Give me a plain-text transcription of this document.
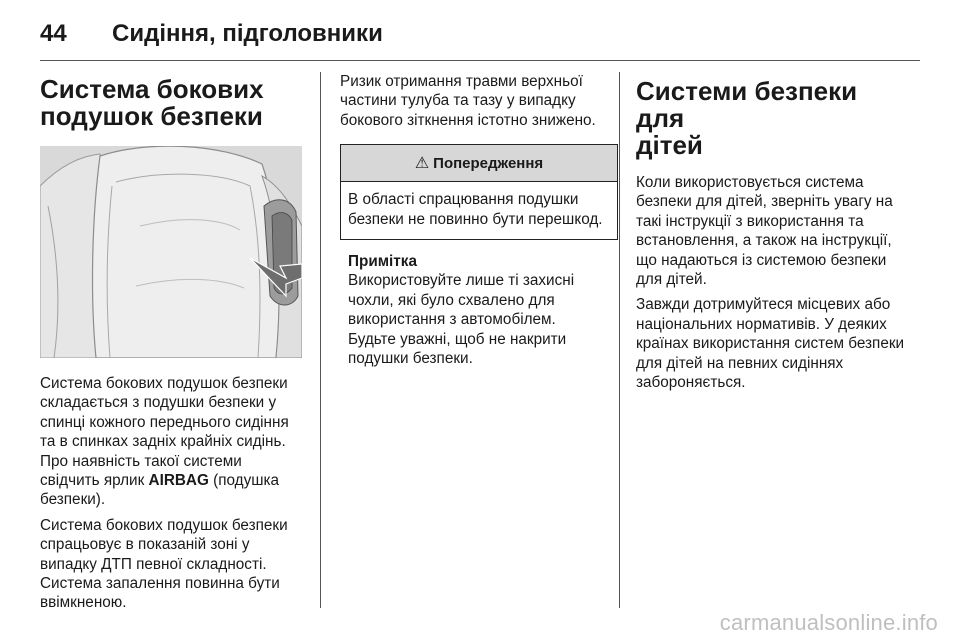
44	Сидіння, підголовники
Система бокових
подушок безпеки

Система бокових подушок безпеки складається з подушки безпеки у спинці кожного переднього сидіння та в спинках задніх крайніх сидінь. Про наявність такої системи свідчить ярлик AIRBAG (подушка безпеки).

Система бокових подушок безпеки спрацьовує в показаній зоні у випадку ДТП певної складності. Система запалення повинна бути ввімкненою.

Ризик отримання травми верхньої частини тулуба та тазу у випадку бокового зіткнення істотно знижено.

⚠ Попередження
В області спрацювання подушки безпеки не повинно бути перешкод.
Примітка
Використовуйте лише ті захисні чохли, які було схвалено для використання з автомобілем. Будьте уважні, щоб не накрити подушки безпеки.
Системи безпеки для
дітей

Коли використовується система безпеки для дітей, зверніть увагу на такі інструкції з використання та встановлення, а також на інструкції, що надаються із системою безпеки для дітей.

Завжди дотримуйтеся місцевих або національних нормативів. У деяких країнах використання систем безпеки для дітей на певних сидіннях забороняється.

carmanualsonline.info
